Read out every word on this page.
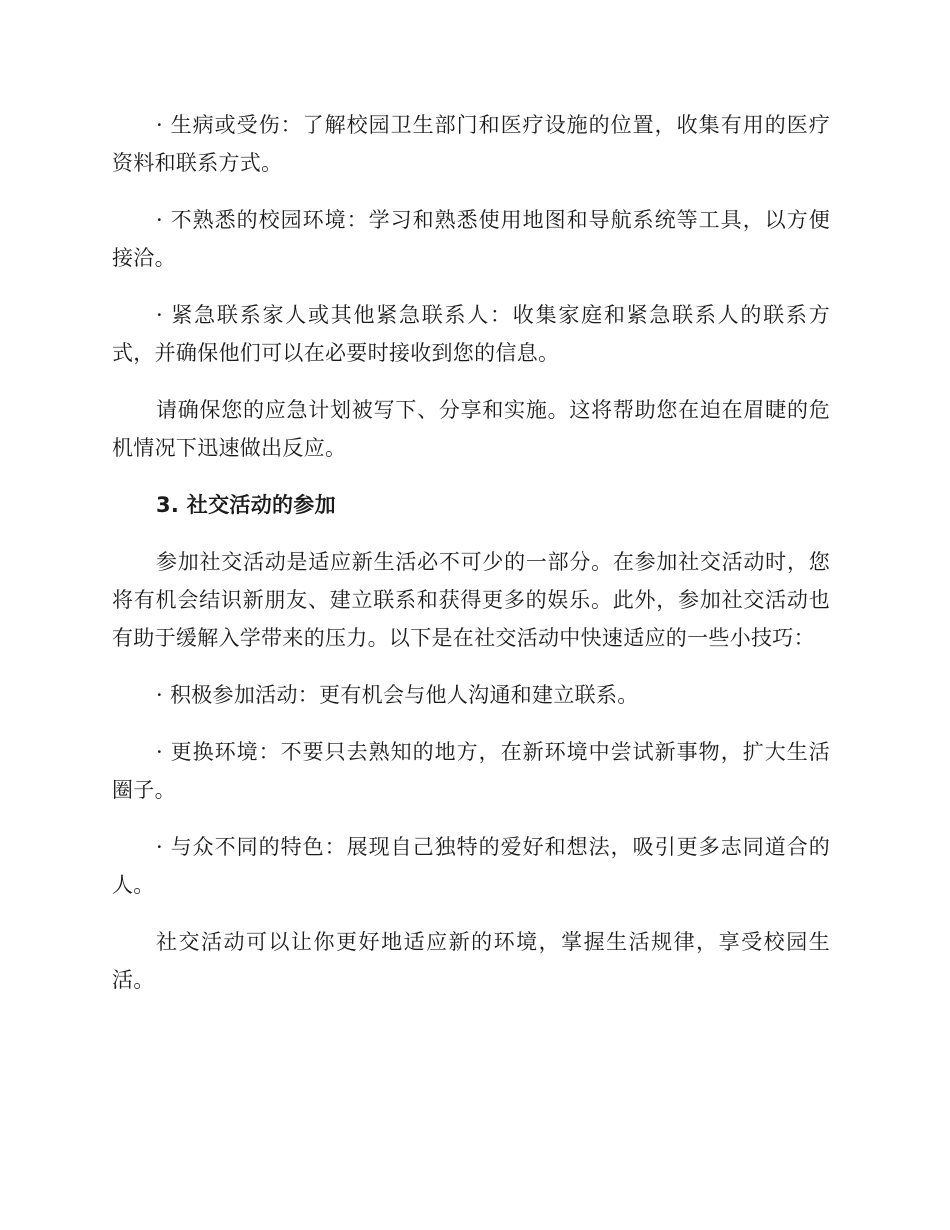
· 生病或受伤：了解校园卫生部门和医疗设施的位置，收集有用的医疗资料和联系方式。

· 不熟悉的校园环境：学习和熟悉使用地图和导航系统等工具，以方便接洽。

· 紧急联系家人或其他紧急联系人：收集家庭和紧急联系人的联系方式，并确保他们可以在必要时接收到您的信息。

请确保您的应急计划被写下、分享和实施。这将帮助您在迫在眉睫的危机情况下迅速做出反应。

3. 社交活动的参加

参加社交活动是适应新生活必不可少的一部分。在参加社交活动时，您将有机会结识新朋友、建立联系和获得更多的娱乐。此外，参加社交活动也有助于缓解入学带来的压力。以下是在社交活动中快速适应的一些小技巧：

· 积极参加活动：更有机会与他人沟通和建立联系。

· 更换环境：不要只去熟知的地方，在新环境中尝试新事物，扩大生活圈子。

· 与众不同的特色：展现自己独特的爱好和想法，吸引更多志同道合的人。

社交活动可以让你更好地适应新的环境，掌握生活规律，享受校园生活。
